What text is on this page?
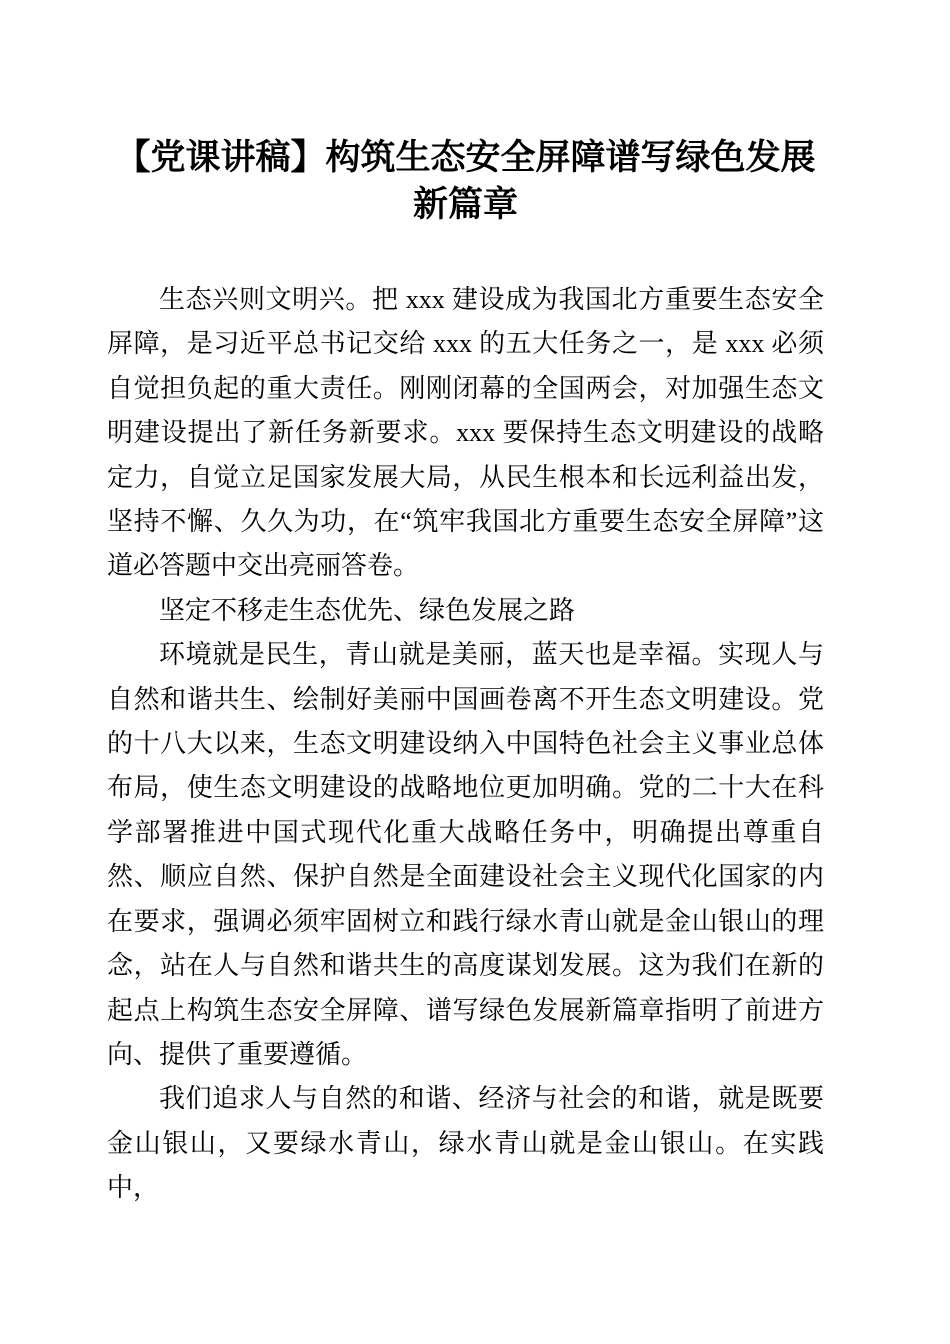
【党课讲稿】构筑生态安全屏障谱写绿色发展新篇章

生态兴则文明兴。把 xxx 建设成为我国北方重要生态安全屏障，是习近平总书记交给 xxx 的五大任务之一，是 xxx 必须自觉担负起的重大责任。刚刚闭幕的全国两会，对加强生态文明建设提出了新任务新要求。xxx 要保持生态文明建设的战略定力，自觉立足国家发展大局，从民生根本和长远利益出发，坚持不懈、久久为功，在“筑牢我国北方重要生态安全屏障”这道必答题中交出亮丽答卷。

坚定不移走生态优先、绿色发展之路

环境就是民生，青山就是美丽，蓝天也是幸福。实现人与自然和谐共生、绘制好美丽中国画卷离不开生态文明建设。党的十八大以来，生态文明建设纳入中国特色社会主义事业总体布局，使生态文明建设的战略地位更加明确。党的二十大在科学部署推进中国式现代化重大战略任务中，明确提出尊重自然、顺应自然、保护自然是全面建设社会主义现代化国家的内在要求，强调必须牢固树立和践行绿水青山就是金山银山的理念，站在人与自然和谐共生的高度谋划发展。这为我们在新的起点上构筑生态安全屏障、谱写绿色发展新篇章指明了前进方向、提供了重要遵循。

我们追求人与自然的和谐、经济与社会的和谐，就是既要金山银山，又要绿水青山，绿水青山就是金山银山。在实践中，
